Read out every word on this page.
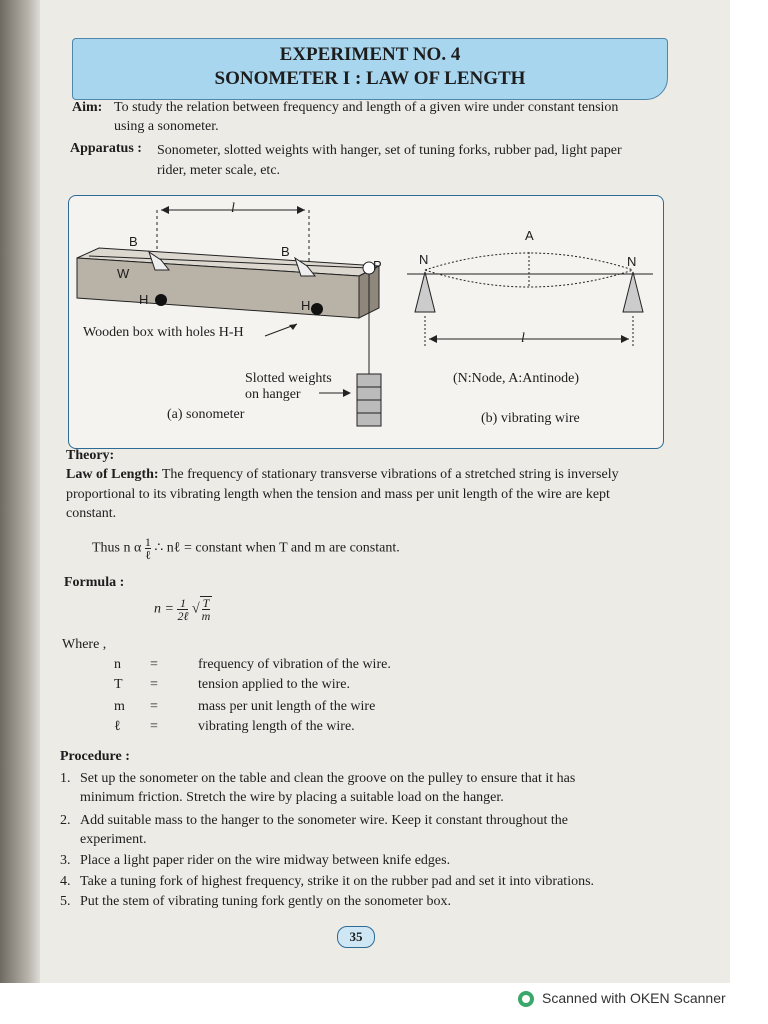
EXPERIMENT NO. 4
SONOMETER I : LAW OF LENGTH
Aim: To study the relation between frequency and length of a given wire under constant tension
using a sonometer.
Apparatus : Sonometer, slotted weights with hanger, set of tuning forks, rubber pad, light paper
rider, meter scale, etc.
l
B
B
W
H	H
P
Wooden box with holes H-H
Slotted weights
on hanger
(a) sonometer
A
N	N
l
(N:Node, A:Antinode)
(b) vibrating wire
Theory:
Law of Length: The frequency of stationary transverse vibrations of a stretched string is inversely
proportional to its vibrating length when the tension and mass per unit length of the wire are kept
constant.
Thus n α $\frac{1}{\text{ℓ}}$ ∴ nℓ = constant when T and m are constant.
Formula :
$n = \frac{1}{\text{2ℓ}}$ √ $\frac{T}{m}$
Where ,
n =	frequency of vibration of the wire.
T =	tension applied to the wire.
m =	mass per unit length of the wire
ℓ =	vibrating length of the wire.
Procedure :
1. Set up the sonometer on the table and clean the groove on the pulley to ensure that it has
minimum friction. Stretch the wire by placing a suitable load on the hanger.
2. Add suitable mass to the hanger to the sonometer wire. Keep it constant throughout the
experiment.
3. Place a light paper rider on the wire midway between knife edges.
4. Take a tuning fork of highest frequency, strike it on the rubber pad and set it into vibrations.
5. Put the stem of vibrating tuning fork gently on the sonometer box.
35
Scanned with OKEN Scanner
